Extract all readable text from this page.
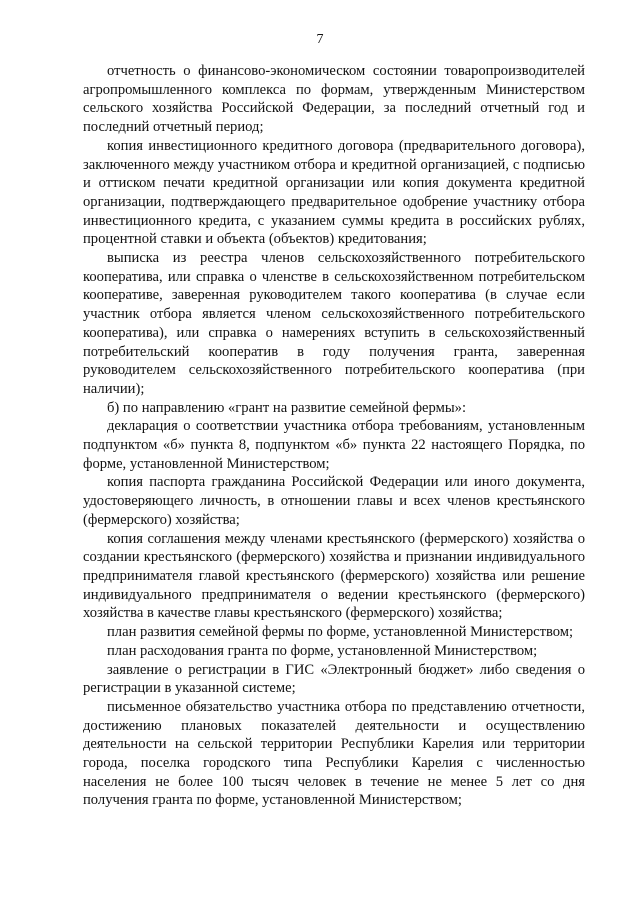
7

отчетность о финансово-экономическом состоянии товаропроизводителей агропромышленного комплекса по формам, утвержденным Министерством сельского хозяйства Российской Федерации, за последний отчетный год и последний отчетный период;

копия инвестиционного кредитного договора (предварительного договора), заключенного между участником отбора и кредитной организацией, с подписью и оттиском печати кредитной организации или копия документа кредитной организации, подтверждающего предварительное одобрение участнику отбора инвестиционного кредита, с указанием суммы кредита в российских рублях, процентной ставки и объекта (объектов) кредитования;

выписка из реестра членов сельскохозяйственного потребительского кооператива, или справка о членстве в сельскохозяйственном потребительском кооперативе, заверенная руководителем такого кооператива (в случае если участник отбора является членом сельскохозяйственного потребительского кооператива), или справка о намерениях вступить в сельскохозяйственный потребительский кооператив в году получения гранта, заверенная руководителем сельскохозяйственного потребительского кооператива (при наличии);

б) по направлению «грант на развитие семейной фермы»:

декларация о соответствии участника отбора требованиям, установленным подпунктом «б» пункта 8, подпунктом «б» пункта 22 настоящего Порядка, по форме, установленной Министерством;

копия паспорта гражданина Российской Федерации или иного документа, удостоверяющего личность, в отношении главы и всех членов крестьянского (фермерского) хозяйства;

копия соглашения между членами крестьянского (фермерского) хозяйства о создании крестьянского (фермерского) хозяйства и признании индивидуального предпринимателя главой крестьянского (фермерского) хозяйства или решение индивидуального предпринимателя о ведении крестьянского (фермерского) хозяйства в качестве главы крестьянского (фермерского) хозяйства;

план развития семейной фермы по форме, установленной Министерством;

план расходования гранта по форме, установленной Министерством;

заявление о регистрации в ГИС «Электронный бюджет» либо сведения о регистрации в указанной системе;

письменное обязательство участника отбора по представлению отчетности, достижению плановых показателей деятельности и осуществлению деятельности на сельской территории Республики Карелия или территории города, поселка городского типа Республики Карелия с численностью населения не более 100 тысяч человек в течение не менее 5 лет со дня получения гранта по форме, установленной Министерством;
